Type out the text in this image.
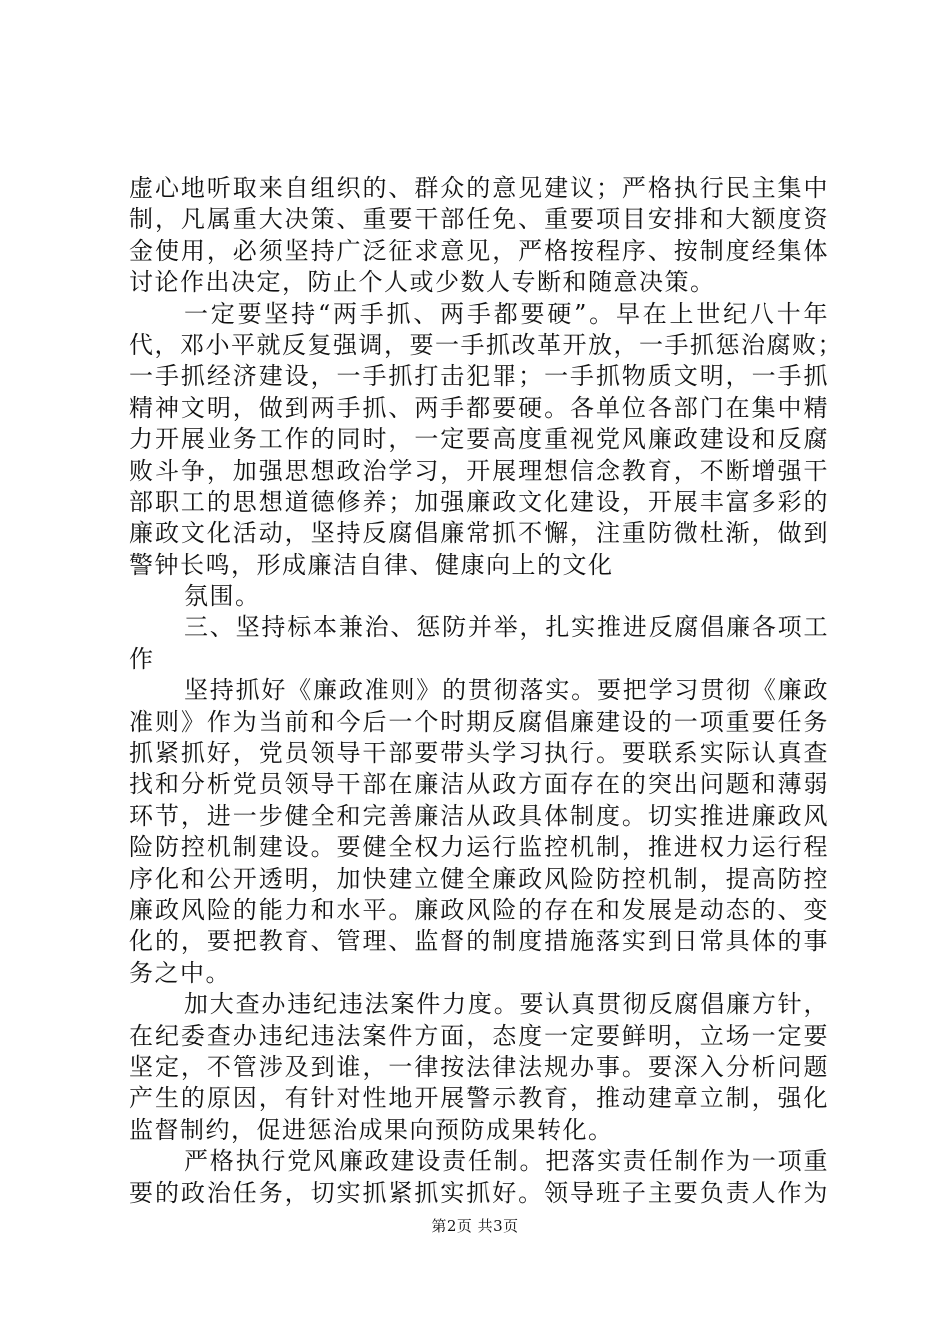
虚心地听取来自组织的、群众的意见建议；严格执行民主集中
制，凡属重大决策、重要干部任免、重要项目安排和大额度资
金使用，必须坚持广泛征求意见，严格按程序、按制度经集体
讨论作出决定，防止个人或少数人专断和随意决策。
一定要坚持“两手抓、两手都要硬”。早在上世纪八十年
代，邓小平就反复强调，要一手抓改革开放，一手抓惩治腐败；
一手抓经济建设，一手抓打击犯罪；一手抓物质文明，一手抓
精神文明，做到两手抓、两手都要硬。各单位各部门在集中精
力开展业务工作的同时，一定要高度重视党风廉政建设和反腐
败斗争，加强思想政治学习，开展理想信念教育，不断增强干
部职工的思想道德修养；加强廉政文化建设，开展丰富多彩的
廉政文化活动，坚持反腐倡廉常抓不懈，注重防微杜渐，做到
警钟长鸣，形成廉洁自律、健康向上的文化
氛围。
三、坚持标本兼治、惩防并举，扎实推进反腐倡廉各项工
作
坚持抓好《廉政准则》的贯彻落实。要把学习贯彻《廉政
准则》作为当前和今后一个时期反腐倡廉建设的一项重要任务
抓紧抓好，党员领导干部要带头学习执行。要联系实际认真查
找和分析党员领导干部在廉洁从政方面存在的突出问题和薄弱
环节，进一步健全和完善廉洁从政具体制度。切实推进廉政风
险防控机制建设。要健全权力运行监控机制，推进权力运行程
序化和公开透明，加快建立健全廉政风险防控机制，提高防控
廉政风险的能力和水平。廉政风险的存在和发展是动态的、变
化的，要把教育、管理、监督的制度措施落实到日常具体的事
务之中。
加大查办违纪违法案件力度。要认真贯彻反腐倡廉方针，
在纪委查办违纪违法案件方面，态度一定要鲜明，立场一定要
坚定，不管涉及到谁，一律按法律法规办事。要深入分析问题
产生的原因，有针对性地开展警示教育，推动建章立制，强化
监督制约，促进惩治成果向预防成果转化。
严格执行党风廉政建设责任制。把落实责任制作为一项重
要的政治任务，切实抓紧抓实抓好。领导班子主要负责人作为
第2页 共3页
